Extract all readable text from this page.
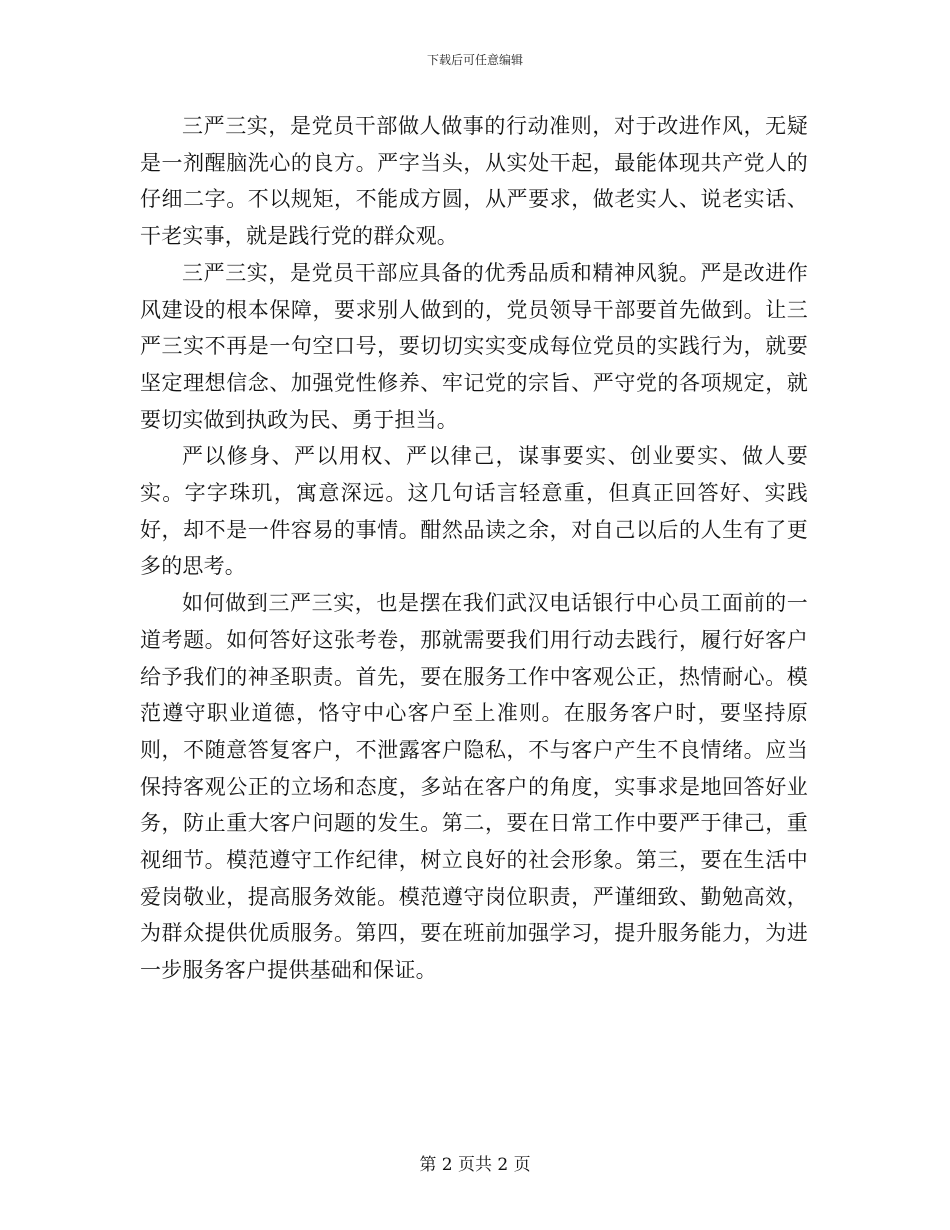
下载后可任意编辑

三严三实，是党员干部做人做事的行动准则，对于改进作风，无疑是一剂醒脑洗心的良方。严字当头，从实处干起，最能体现共产党人的仔细二字。不以规矩，不能成方圆，从严要求，做老实人、说老实话、干老实事，就是践行党的群众观。

三严三实，是党员干部应具备的优秀品质和精神风貌。严是改进作风建设的根本保障，要求别人做到的，党员领导干部要首先做到。让三严三实不再是一句空口号，要切切实实变成每位党员的实践行为，就要坚定理想信念、加强党性修养、牢记党的宗旨、严守党的各项规定，就要切实做到执政为民、勇于担当。

严以修身、严以用权、严以律己，谋事要实、创业要实、做人要实。字字珠玑，寓意深远。这几句话言轻意重，但真正回答好、实践好，却不是一件容易的事情。酣然品读之余，对自己以后的人生有了更多的思考。

如何做到三严三实，也是摆在我们武汉电话银行中心员工面前的一道考题。如何答好这张考卷，那就需要我们用行动去践行，履行好客户给予我们的神圣职责。首先，要在服务工作中客观公正，热情耐心。模范遵守职业道德，恪守中心客户至上准则。在服务客户时，要坚持原则，不随意答复客户，不泄露客户隐私，不与客户产生不良情绪。应当保持客观公正的立场和态度，多站在客户的角度，实事求是地回答好业务，防止重大客户问题的发生。第二，要在日常工作中要严于律己，重视细节。模范遵守工作纪律，树立良好的社会形象。第三，要在生活中爱岗敬业，提高服务效能。模范遵守岗位职责，严谨细致、勤勉高效，为群众提供优质服务。第四，要在班前加强学习，提升服务能力，为进一步服务客户提供基础和保证。

第 2 页共 2 页
